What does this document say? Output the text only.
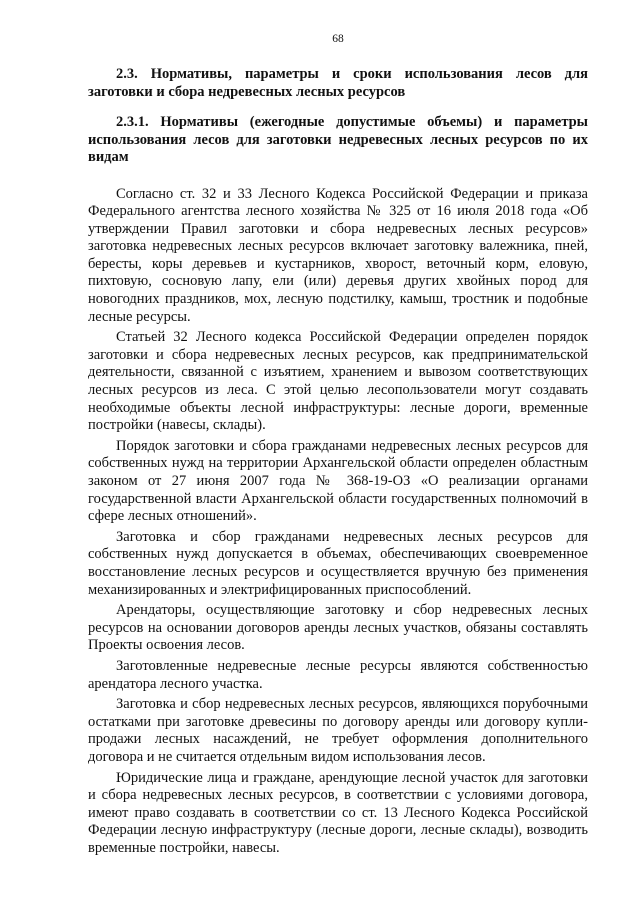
68
2.3. Нормативы, параметры и сроки использования лесов для заготовки и сбора недревесных лесных ресурсов
2.3.1. Нормативы (ежегодные допустимые объемы) и параметры использования лесов для заготовки недревесных лесных ресурсов по их видам

Согласно ст. 32 и 33 Лесного Кодекса Российской Федерации и приказа Федерального агентства лесного хозяйства № 325 от 16 июля 2018 года «Об утверждении Правил заготовки и сбора недревесных лесных ресурсов» заготовка недревесных лесных ресурсов включает заготовку валежника, пней, бересты, коры деревьев и кустарников, хворост, веточный корм, еловую, пихтовую, сосновую лапу, ели (или) деревья других хвойных пород для новогодних праздников, мох, лесную подстилку, камыш, тростник и подобные лесные ресурсы.

Статьей 32 Лесного кодекса Российской Федерации определен порядок заготовки и сбора недревесных лесных ресурсов, как предпринимательской деятельности, связанной с изъятием, хранением и вывозом соответствующих лесных ресурсов из леса. С этой целью лесопользователи могут создавать необходимые объекты лесной инфраструктуры: лесные дороги, временные постройки (навесы, склады).

Порядок заготовки и сбора гражданами недревесных лесных ресурсов для собственных нужд на территории Архангельской области определен областным законом от 27 июня 2007 года № 368-19-ОЗ «О реализации органами государственной власти Архангельской области государственных полномочий в сфере лесных отношений».

Заготовка и сбор гражданами недревесных лесных ресурсов для собственных нужд допускается в объемах, обеспечивающих своевременное восстановление лесных ресурсов и осуществляется вручную без применения механизированных и электрифицированных приспособлений.

Арендаторы, осуществляющие заготовку и сбор недревесных лесных ресурсов на основании договоров аренды лесных участков, обязаны составлять Проекты освоения лесов.

Заготовленные недревесные лесные ресурсы являются собственностью арендатора лесного участка.

Заготовка и сбор недревесных лесных ресурсов, являющихся порубочными остатками при заготовке древесины по договору аренды или договору купли-продажи лесных насаждений, не требует оформления дополнительного договора и не считается отдельным видом использования лесов.

Юридические лица и граждане, арендующие лесной участок для заготовки и сбора недревесных лесных ресурсов, в соответствии с условиями договора, имеют право создавать в соответствии со ст. 13 Лесного Кодекса Российской Федерации лесную инфраструктуру (лесные дороги, лесные склады), возводить временные постройки, навесы.
